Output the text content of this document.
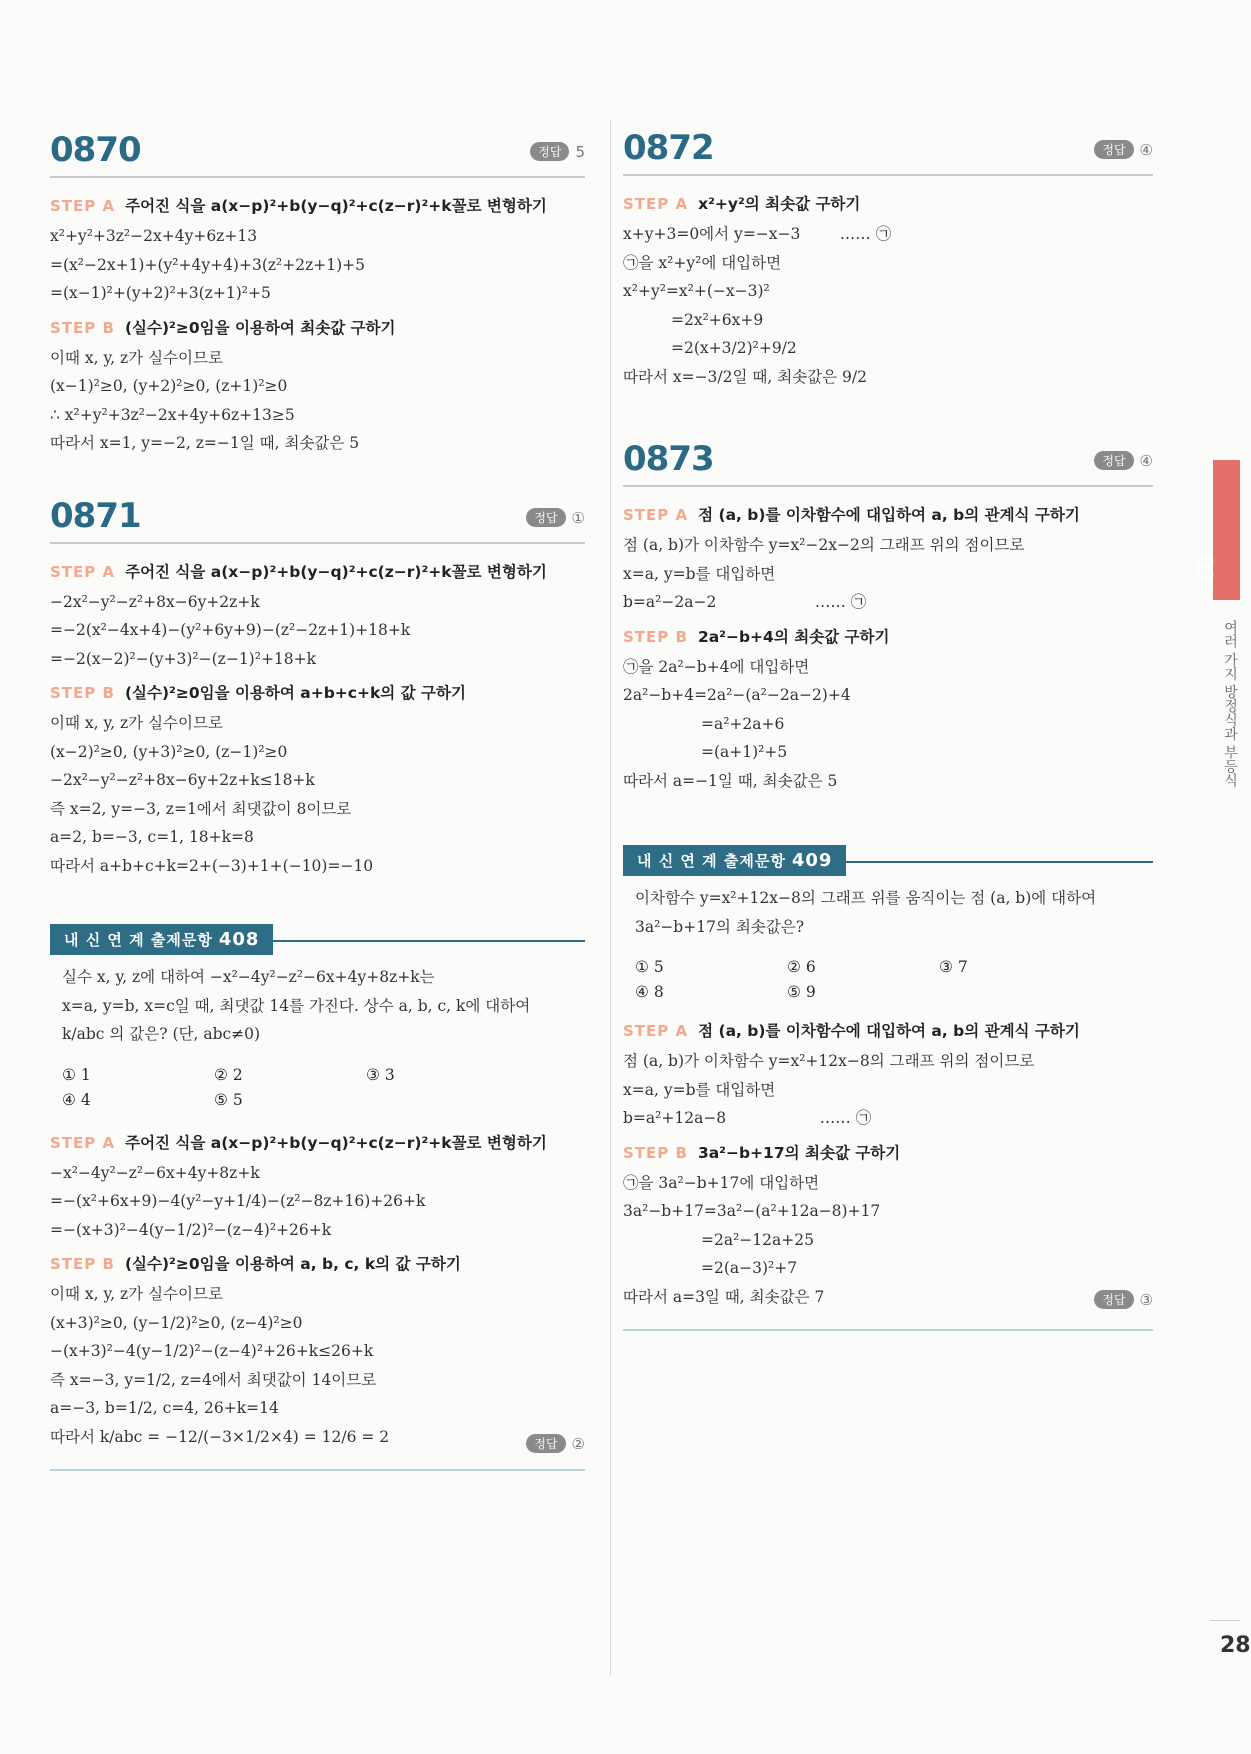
0870	정답 5
STEP A 주어진 식을 a(x−p)²+b(y−q)²+c(z−r)²+k꼴로 변형하기
x²+y²+3z²−2x+4y+6z+13
=(x²−2x+1)+(y²+4y+4)+3(z²+2z+1)+5
=(x−1)²+(y+2)²+3(z+1)²+5
STEP B (실수)²≥0임을 이용하여 최솟값 구하기
이때 x, y, z가 실수이므로
(x−1)²≥0, (y+2)²≥0, (z+1)²≥0
∴ x²+y²+3z²−2x+4y+6z+13≥5
따라서 x=1, y=−2, z=−1일 때, 최솟값은 5
0871	정답 ①
STEP A 주어진 식을 a(x−p)²+b(y−q)²+c(z−r)²+k꼴로 변형하기
−2x²−y²−z²+8x−6y+2z+k
=−2(x²−4x+4)−(y²+6y+9)−(z²−2z+1)+18+k
=−2(x−2)²−(y+3)²−(z−1)²+18+k
STEP B (실수)²≥0임을 이용하여 a+b+c+k의 값 구하기
이때 x, y, z가 실수이므로
(x−2)²≥0, (y+3)²≥0, (z−1)²≥0
−2x²−y²−z²+8x−6y+2z+k≤18+k
즉 x=2, y=−3, z=1에서 최댓값이 8이므로
a=2, b=−3, c=1, 18+k=8
따라서 a+b+c+k=2+(−3)+1+(−10)=−10
내 신 연 계 출제문항 408
실수 x, y, z에 대하여 −x²−4y²−z²−6x+4y+8z+k는
x=a, y=b, x=c일 때, 최댓값 14를 가진다. 상수 a, b, c, k에 대하여
k/abc 의 값은? (단, abc≠0)
① 1	② 2	③ 3
④ 4	⑤ 5
STEP A 주어진 식을 a(x−p)²+b(y−q)²+c(z−r)²+k꼴로 변형하기
−x²−4y²−z²−6x+4y+8z+k
=−(x²+6x+9)−4(y²−y+1/4)−(z²−8z+16)+26+k
=−(x+3)²−4(y−1/2)²−(z−4)²+26+k
STEP B (실수)²≥0임을 이용하여 a, b, c, k의 값 구하기
이때 x, y, z가 실수이므로
(x+3)²≥0, (y−1/2)²≥0, (z−4)²≥0
−(x+3)²−4(y−1/2)²−(z−4)²+26+k≤26+k
즉 x=−3, y=1/2, z=4에서 최댓값이 14이므로
a=−3, b=1/2, c=4, 26+k=14
따라서 k/abc = −12/(−3×1/2×4) = 12/6 = 2	정답 ②
0872	정답 ④
STEP A x²+y²의 최솟값 구하기
x+y+3=0에서 y=−x−3        …… ㉠
㉠을 x²+y²에 대입하면
x²+y²=x²+(−x−3)²
=2x²+6x+9
=2(x+3/2)²+9/2
따라서 x=−3/2일 때, 최솟값은 9/2
0873	정답 ④
STEP A 점 (a, b)를 이차함수에 대입하여 a, b의 관계식 구하기
점 (a, b)가 이차함수 y=x²−2x−2의 그래프 위의 점이므로
x=a, y=b를 대입하면
b=a²−2a−2                    …… ㉠
STEP B 2a²−b+4의 최솟값 구하기
㉠을 2a²−b+4에 대입하면
2a²−b+4=2a²−(a²−2a−2)+4
=a²+2a+6
=(a+1)²+5
따라서 a=−1일 때, 최솟값은 5
내 신 연 계 출제문항 409
이차함수 y=x²+12x−8의 그래프 위를 움직이는 점 (a, b)에 대하여
3a²−b+17의 최솟값은?
① 5	② 6	③ 7
④ 8	⑤ 9
STEP A 점 (a, b)를 이차함수에 대입하여 a, b의 관계식 구하기
점 (a, b)가 이차함수 y=x²+12x−8의 그래프 위의 점이므로
x=a, y=b를 대입하면
b=a²+12a−8                   …… ㉠
STEP B 3a²−b+17의 최솟값 구하기
㉠을 3a²−b+17에 대입하면
3a²−b+17=3a²−(a²+12a−8)+17
=2a²−12a+25
=2(a−3)²+7
따라서 a=3일 때, 최솟값은 7	정답 ③
03
여러 가지 방정식과 부등식
28
